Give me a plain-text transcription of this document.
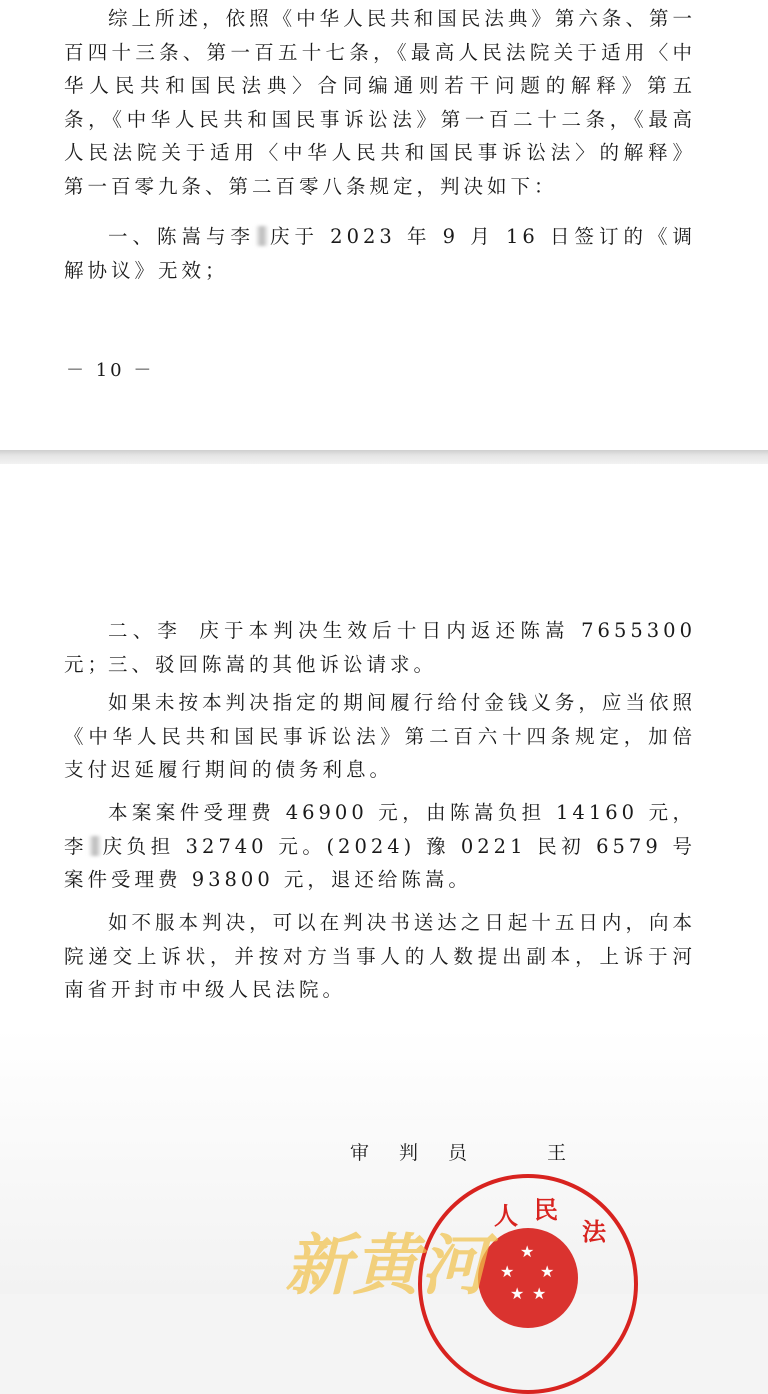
综上所述，依照《中华人民共和国民法典》第六条、第一百四十三条、第一百五十七条，《最高人民法院关于适用〈中华人民共和国民法典〉合同编通则若干问题的解释》第五条，《中华人民共和国民事诉讼法》第一百二十二条，《最高人民法院关于适用〈中华人民共和国民事诉讼法〉的解释》第一百零九条、第二百零八条规定，判决如下：

一、陈嵩与李 庆于 2023 年 9 月 16 日签订的《调解协议》无效；

－ 10 －

二、李 庆于本判决生效后十日内返还陈嵩 7655300 元；

三、驳回陈嵩的其他诉讼请求。

如果未按本判决指定的期间履行给付金钱义务，应当依照《中华人民共和国民事诉讼法》第二百六十四条规定，加倍支付迟延履行期间的债务利息。

本案案件受理费 46900 元，由陈嵩负担 14160 元，李 庆负担 32740 元。(2024) 豫 0221 民初 6579 号案件受理费 93800 元，退还给陈嵩。

如不服本判决，可以在判决书送达之日起十五日内，向本院递交上诉状，并按对方当事人的人数提出副本，上诉于河南省开封市中级人民法院。

审判员	王
★
★ ★
★ ★
人 民
法
新黄河
